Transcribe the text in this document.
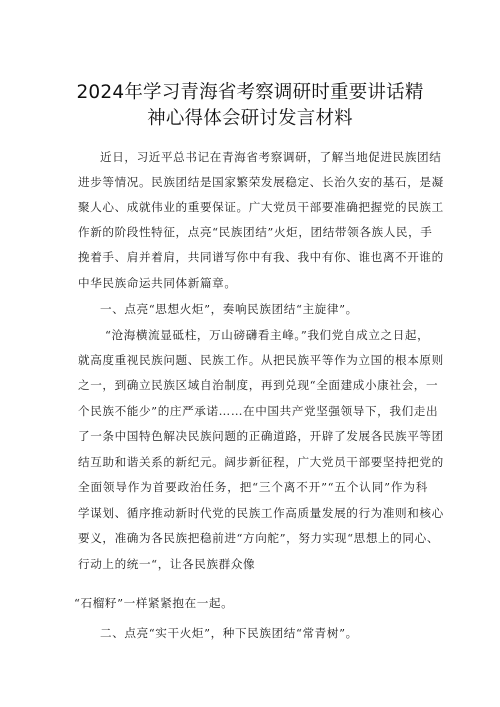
2024年学习青海省考察调研时重要讲话精
神心得体会研讨发言材料
近日，习近平总书记在青海省考察调研，了解当地促进民族团结
进步等情况。民族团结是国家繁荣发展稳定、长治久安的基石，是凝
聚人心、成就伟业的重要保证。广大党员干部要准确把握党的民族工
作新的阶段性特征，点亮“民族团结”火炬，团结带领各族人民，手
挽着手、肩并着肩，共同谱写你中有我、我中有你、谁也离不开谁的
中华民族命运共同体新篇章。
一、点亮“思想火炬”，奏响民族团结“主旋律”。
“沧海横流显砥柱，万山磅礴看主峰。”我们党自成立之日起，
就高度重视民族问题、民族工作。从把民族平等作为立国的根本原则
之一，到确立民族区域自治制度，再到兑现“全面建成小康社会，一
个民族不能少”的庄严承诺……在中国共产党坚强领导下，我们走出
了一条中国特色解决民族问题的正确道路，开辟了发展各民族平等团
结互助和谐关系的新纪元。阔步新征程，广大党员干部要坚持把党的
全面领导作为首要政治任务，把“三个离不开”“五个认同”作为科
学谋划、循序推动新时代党的民族工作高质量发展的行为准则和核心
要义，准确为各民族把稳前进“方向舵”，努力实现“思想上的同心、
行动上的统一“，让各民族群众像
“石榴籽”一样紧紧抱在一起。
二、点亮“实干火炬”，种下民族团结“常青树”。
